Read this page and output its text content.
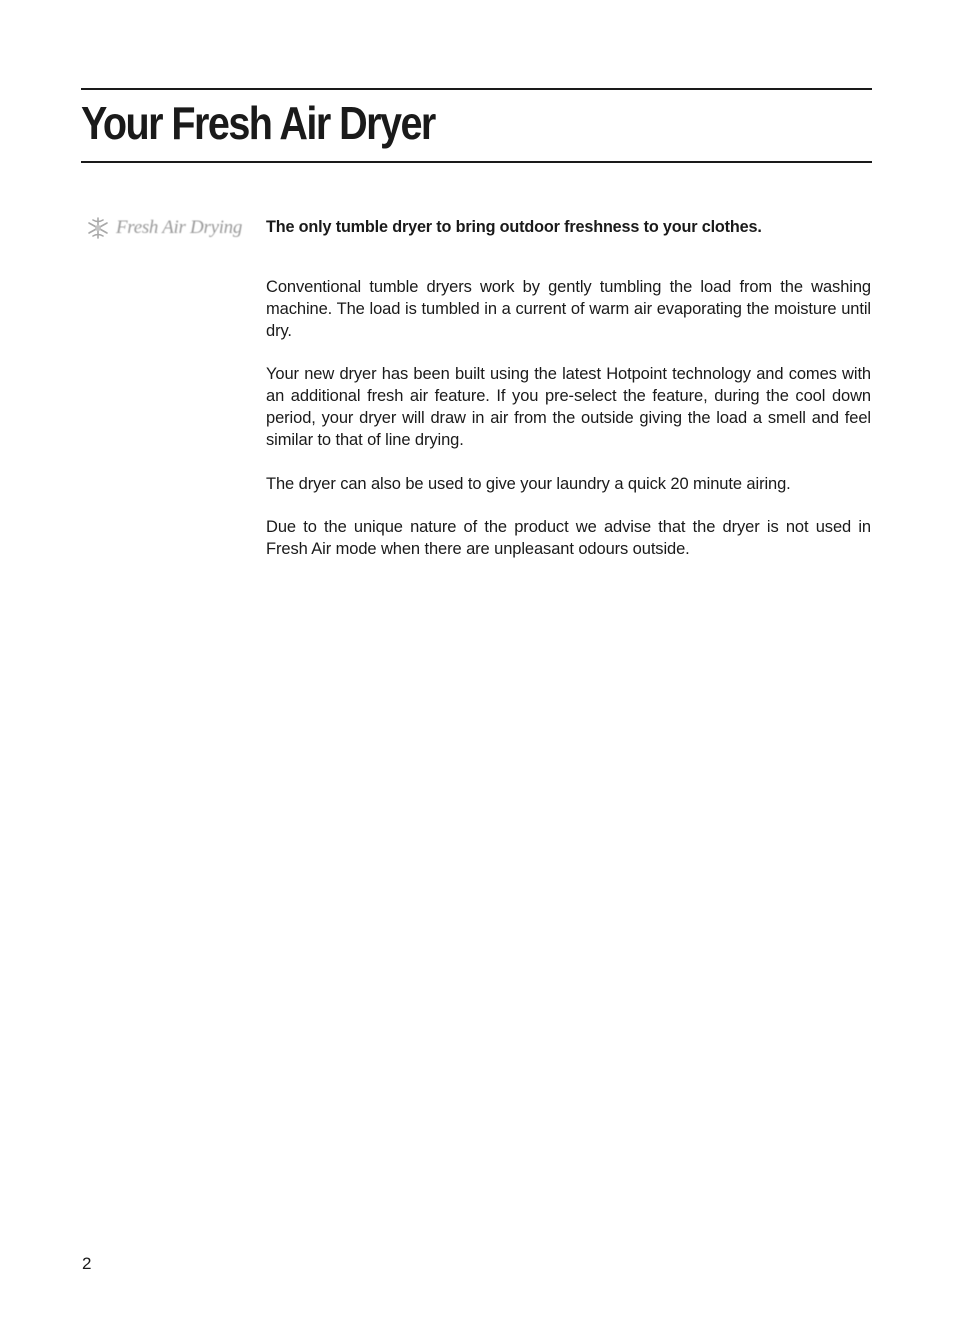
Your Fresh Air Dryer
Fresh Air Drying The only tumble dryer to bring outdoor freshness to your clothes.

Conventional tumble dryers work by gently tumbling the load from the washing machine. The load is tumbled in a current of warm air evaporating the moisture until dry.

Your new dryer has been built using the latest Hotpoint technology and comes with an additional fresh air feature. If you pre-select the feature, during the cool down period, your dryer will draw in air from the outside giving the load a smell and feel similar to that of line drying.

The dryer can also be used to give your laundry a quick 20 minute airing.

Due to the unique nature of the product we advise that the dryer is not used in Fresh Air mode when there are unpleasant odours outside.

2
